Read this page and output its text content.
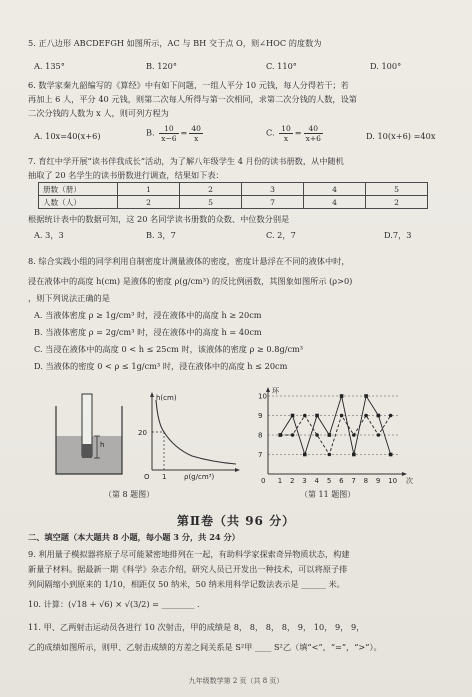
5. 正八边形 ABCDEFGH 如图所示，AC 与 BH 交于点 O，则∠HOC 的度数为
A. 135°	B. 120°	C. 110°	D. 100°
6. 数学家秦九韶编写的《算经》中有如下问题，一组人平分 10 元钱，每人分得若干；若
再加上 6 人，平分 40 元钱，则第二次每人所得与第一次相同，求第二次分钱的人数，设第
二次分钱的人数为 x 人，则可列方程为
A. 10x=40(x+6)	B. $\frac{10}{x-6} = \frac{40}{x}$	C. $\frac{10}{x} = \frac{40}{x+6}$	D. 10(x+6) =40x
7. 育红中学开展“读书伴我成长”活动，为了解八年级学生 4 月份的读书册数，从中随机
抽取了 20 名学生的读书册数进行调查，结果如下表：
册数（册）	1	2	3	4	5
人数（人）	2	5	7	4	2
根据统计表中的数据可知，这 20 名同学读书册数的众数、中位数分别是
A. 3，3	B. 3，7	C. 2，7	D.7，3
8. 综合实践小组的同学利用自制密度计测量液体的密度，密度计悬浮在不同的液体中时，
浸在液体中的高度 h(cm) 是液体的密度 ρ(g/cm³) 的反比例函数，其图象如图所示 (ρ>0)
，则下列说法正确的是
A. 当液体密度 ρ ≥ 1g/cm³ 时，浸在液体中的高度 h ≥ 20cm
B. 当液体密度 ρ = 2g/cm³ 时，浸在液体中的高度 h = 40cm
C. 当浸在液体中的高度 0 < h ≤ 25cm 时，该液体的密度 ρ ≥ 0.8g/cm³
D. 当液体的密度 0 < ρ ≤ 1g/cm³ 时，浸在液体中的高度 h ≤ 20cm
h
h(cm)
20
1
O	ρ(g/cm³)
（第 8 题图）
7
8
9
10
环
0 1 2 3 4 5 6 7 8 9 10 次
（第 11 题图）
第Ⅱ卷（共 96 分）
二、填空题（本大题共 8 小题，每小题 3 分，共 24 分）
9. 利用量子模拟器将原子尽可能紧密地排列在一起，有助科学家探索奇异物质状态，构建
新量子材料。据最新一期《科学》杂志介绍，研究人员已开发出一种技术，可以将原子排
列间隔缩小到原来的 1/10，相距仅 50 纳米，50 纳米用科学记数法表示是 ______ 米。
10. 计算：(√18 + √6) × √(3/2) = ________ .
11. 甲、乙两射击运动员各进行 10 次射击，甲的成绩是 8， 8， 8， 8， 9， 10， 9， 9，
乙的成绩如图所示，则甲、乙射击成绩的方差之间关系是 S²甲 ____ S²乙（填“<”，“=”，“>”）。
九年级数学第 2 页（共 8 页）
